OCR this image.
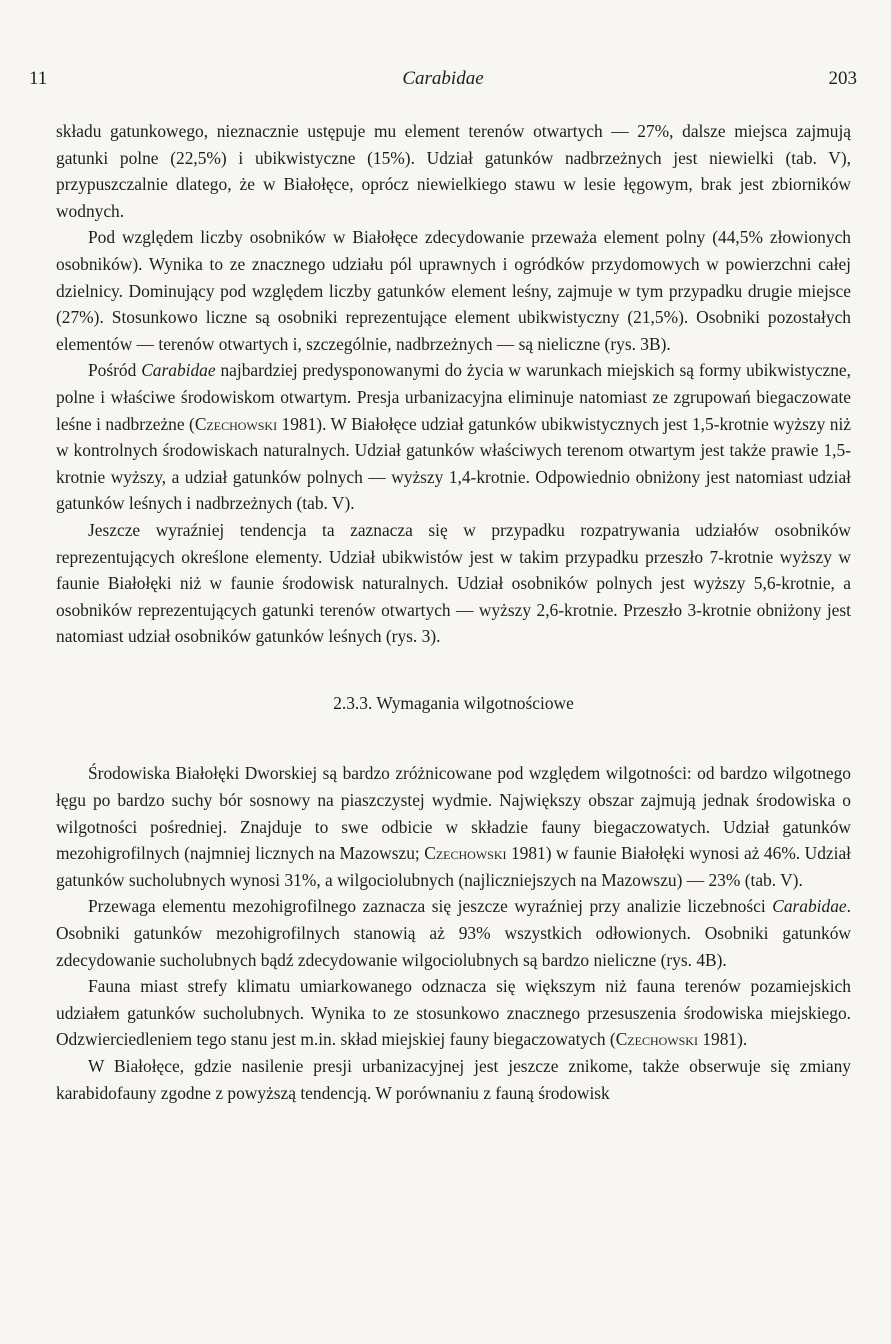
11	Carabidae	203

składu gatunkowego, nieznacznie ustępuje mu element terenów otwartych — 27%, dalsze miejsca zajmują gatunki polne (22,5%) i ubikwistyczne (15%). Udział gatunków nadbrzeżnych jest niewielki (tab. V), przypuszczalnie dlatego, że w Białołęce, oprócz niewielkiego stawu w lesie łęgowym, brak jest zbiorników wodnych.

Pod względem liczby osobników w Białołęce zdecydowanie przeważa element polny (44,5% złowionych osobników). Wynika to ze znacznego udziału pól uprawnych i ogródków przydomowych w powierzchni całej dzielnicy. Dominujący pod względem liczby gatunków element leśny, zajmuje w tym przypadku drugie miejsce (27%). Stosunkowo liczne są osobniki reprezentujące element ubikwistyczny (21,5%). Osobniki pozostałych elementów — terenów otwartych i, szczególnie, nadbrzeżnych — są nieliczne (rys. 3B).

Pośród Carabidae najbardziej predysponowanymi do życia w warunkach miejskich są formy ubikwistyczne, polne i właściwe środowiskom otwartym. Presja urbanizacyjna eliminuje natomiast ze zgrupowań biegaczowate leśne i nadbrzeżne (Czechowski 1981). W Białołęce udział gatunków ubikwistycznych jest 1,5-krotnie wyższy niż w kontrolnych środowiskach naturalnych. Udział gatunków właściwych terenom otwartym jest także prawie 1,5-krotnie wyższy, a udział gatunków polnych — wyższy 1,4-krotnie. Odpowiednio obniżony jest natomiast udział gatunków leśnych i nadbrzeżnych (tab. V).

Jeszcze wyraźniej tendencja ta zaznacza się w przypadku rozpatrywania udziałów osobników reprezentujących określone elementy. Udział ubikwistów jest w takim przypadku przeszło 7-krotnie wyższy w faunie Białołęki niż w faunie środowisk naturalnych. Udział osobników polnych jest wyższy 5,6-krotnie, a osobników reprezentujących gatunki terenów otwartych — wyższy 2,6-krotnie. Przeszło 3-krotnie obniżony jest natomiast udział osobników gatunków leśnych (rys. 3).

2.3.3. Wymagania wilgotnościowe

Środowiska Białołęki Dworskiej są bardzo zróżnicowane pod względem wilgotności: od bardzo wilgotnego łęgu po bardzo suchy bór sosnowy na piaszczystej wydmie. Największy obszar zajmują jednak środowiska o wilgotności pośredniej. Znajduje to swe odbicie w składzie fauny biegaczowatych. Udział gatunków mezohigrofilnych (najmniej licznych na Mazowszu; Czechowski 1981) w faunie Białołęki wynosi aż 46%. Udział gatunków sucholubnych wynosi 31%, a wilgociolubnych (najliczniejszych na Mazowszu) — 23% (tab. V).

Przewaga elementu mezohigrofilnego zaznacza się jeszcze wyraźniej przy analizie liczebności Carabidae. Osobniki gatunków mezohigrofilnych stanowią aż 93% wszystkich odłowionych. Osobniki gatunków zdecydowanie sucholubnych bądź zdecydowanie wilgociolubnych są bardzo nieliczne (rys. 4B).

Fauna miast strefy klimatu umiarkowanego odznacza się większym niż fauna terenów pozamiejskich udziałem gatunków sucholubnych. Wynika to ze stosunkowo znacznego przesuszenia środowiska miejskiego. Odzwierciedleniem tego stanu jest m.in. skład miejskiej fauny biegaczowatych (Czechowski 1981).

W Białołęce, gdzie nasilenie presji urbanizacyjnej jest jeszcze znikome, także obserwuje się zmiany karabidofauny zgodne z powyższą tendencją. W porównaniu z fauną środowisk
